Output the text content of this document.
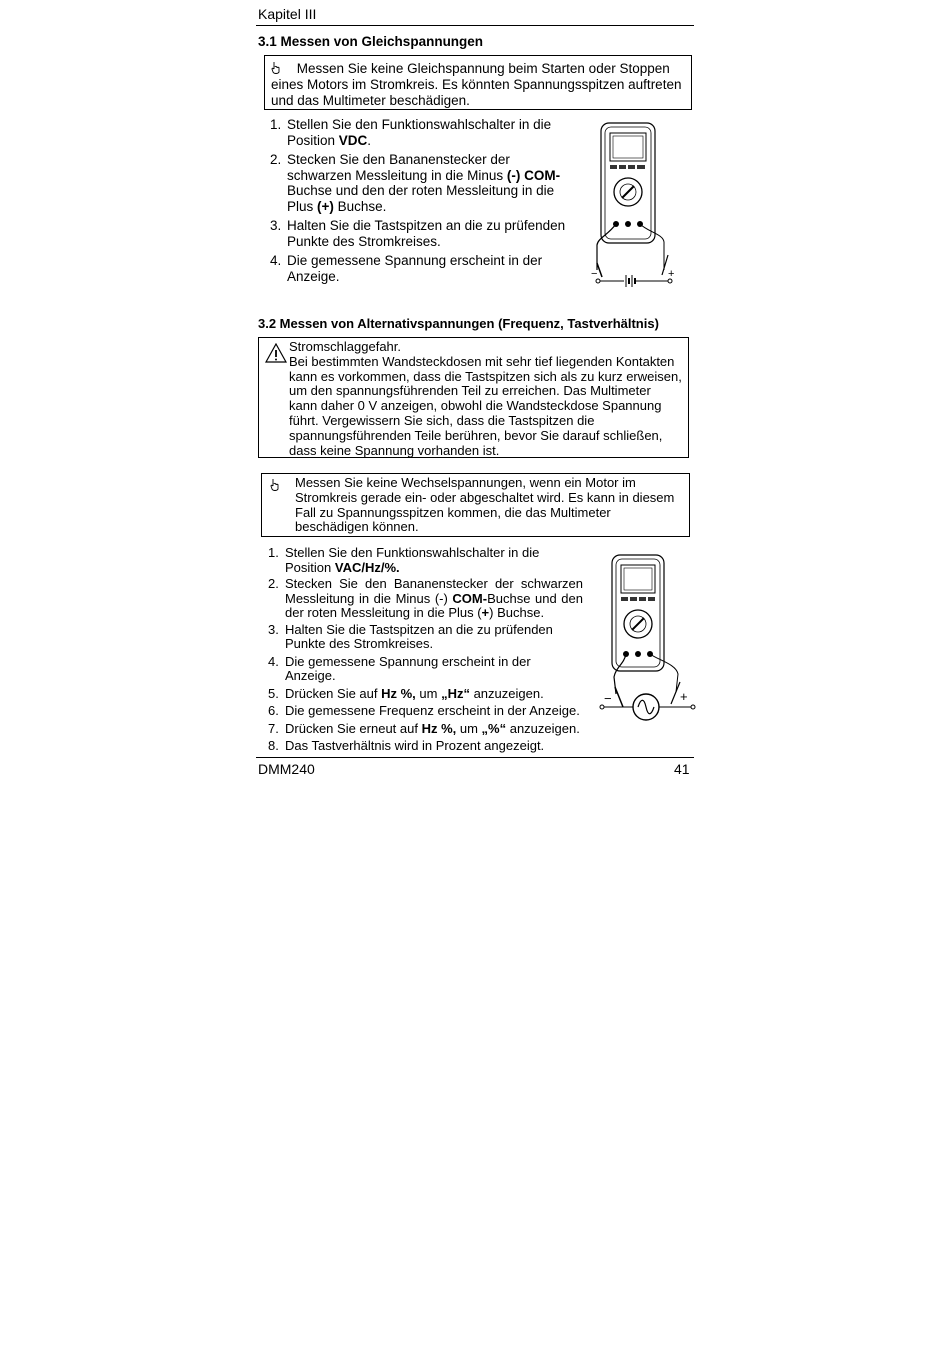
Kapitel III
3.1 Messen von Gleichspannungen
Messen Sie keine Gleichspannung beim Starten oder Stoppen eines Motors im Stromkreis. Es könnten Spannungsspitzen auftreten und das Multimeter beschädigen.
1. Stellen Sie den Funktionswahlschalter in die Position VDC.
2. Stecken Sie den Bananenstecker der schwarzen Messleitung in die Minus (-) COM-Buchse und den der roten Messleitung in die Plus (+) Buchse.
3. Halten Sie die Tastspitzen an die zu prüfenden Punkte des Stromkreises.
4. Die gemessene Spannung erscheint in der Anzeige.	−	+
3.2 Messen von Alternativspannungen (Frequenz, Tastverhältnis)
Stromschlaggefahr.
Bei bestimmten Wandsteckdosen mit sehr tief liegenden Kontakten kann es vorkommen, dass die Tastspitzen sich als zu kurz erweisen, um den spannungsführenden Teil zu erreichen. Das Multimeter kann daher 0 V anzeigen, obwohl die Wandsteckdose Spannung führt. Vergewissern Sie sich, dass die Tastspitzen die spannungsführenden Teile berühren, bevor Sie darauf schließen, dass keine Spannung vorhanden ist.
Messen Sie keine Wechselspannungen, wenn ein Motor im Stromkreis gerade ein- oder abgeschaltet wird. Es kann in diesem Fall zu Spannungsspitzen kommen, die das Multimeter beschädigen können.
1. Stellen Sie den Funktionswahlschalter in die Position VAC/Hz/%.
2. Stecken Sie den Bananenstecker der schwarzen Messleitung in die Minus (-) COM-Buchse und den der roten Messleitung in die Plus (+) Buchse.
3. Halten Sie die Tastspitzen an die zu prüfenden Punkte des Stromkreises.
4. Die gemessene Spannung erscheint in der Anzeige.
5. Drücken Sie auf Hz %, um „Hz“ anzuzeigen.
6. Die gemessene Frequenz erscheint in der Anzeige.
7. Drücken Sie erneut auf Hz %, um „%“ anzuzeigen.
8. Das Tastverhältnis wird in Prozent angezeigt.
−	+
DMM240	41
